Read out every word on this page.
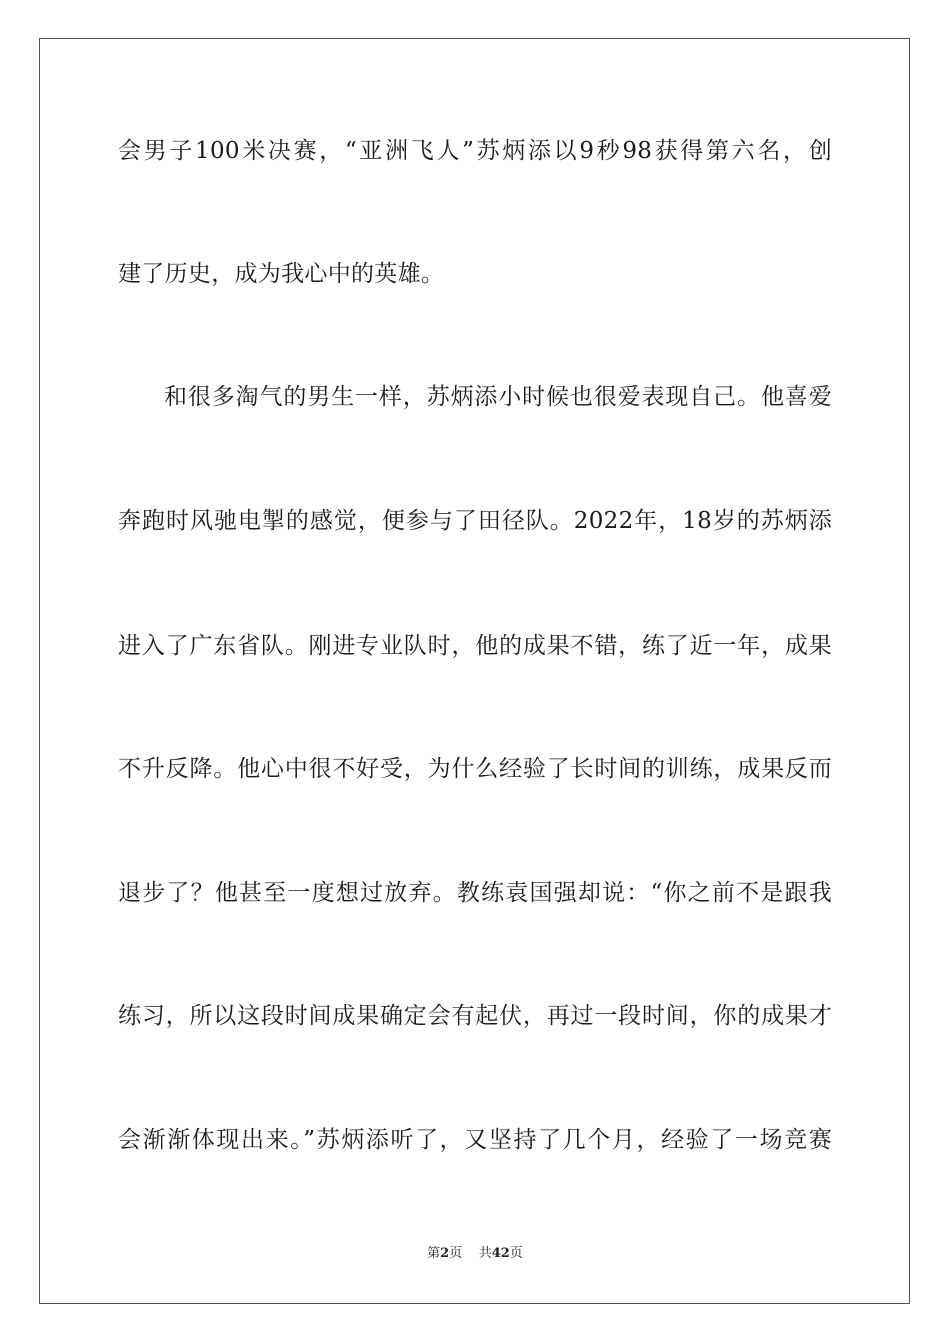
会男子100米决赛，“亚洲飞人”苏炳添以9秒98获得第六名，创
建了历史，成为我心中的英雄。
和很多淘气的男生一样，苏炳添小时候也很爱表现自己。他喜爱
奔跑时风驰电掣的感觉，便参与了田径队。2022年，18岁的苏炳添
进入了广东省队。刚进专业队时，他的成果不错，练了近一年，成果
不升反降。他心中很不好受，为什么经验了长时间的训练，成果反而
退步了？他甚至一度想过放弃。教练袁国强却说：“你之前不是跟我
练习，所以这段时间成果确定会有起伏，再过一段时间，你的成果才
会渐渐体现出来。”苏炳添听了，又坚持了几个月，经验了一场竞赛
第2页 共42页
